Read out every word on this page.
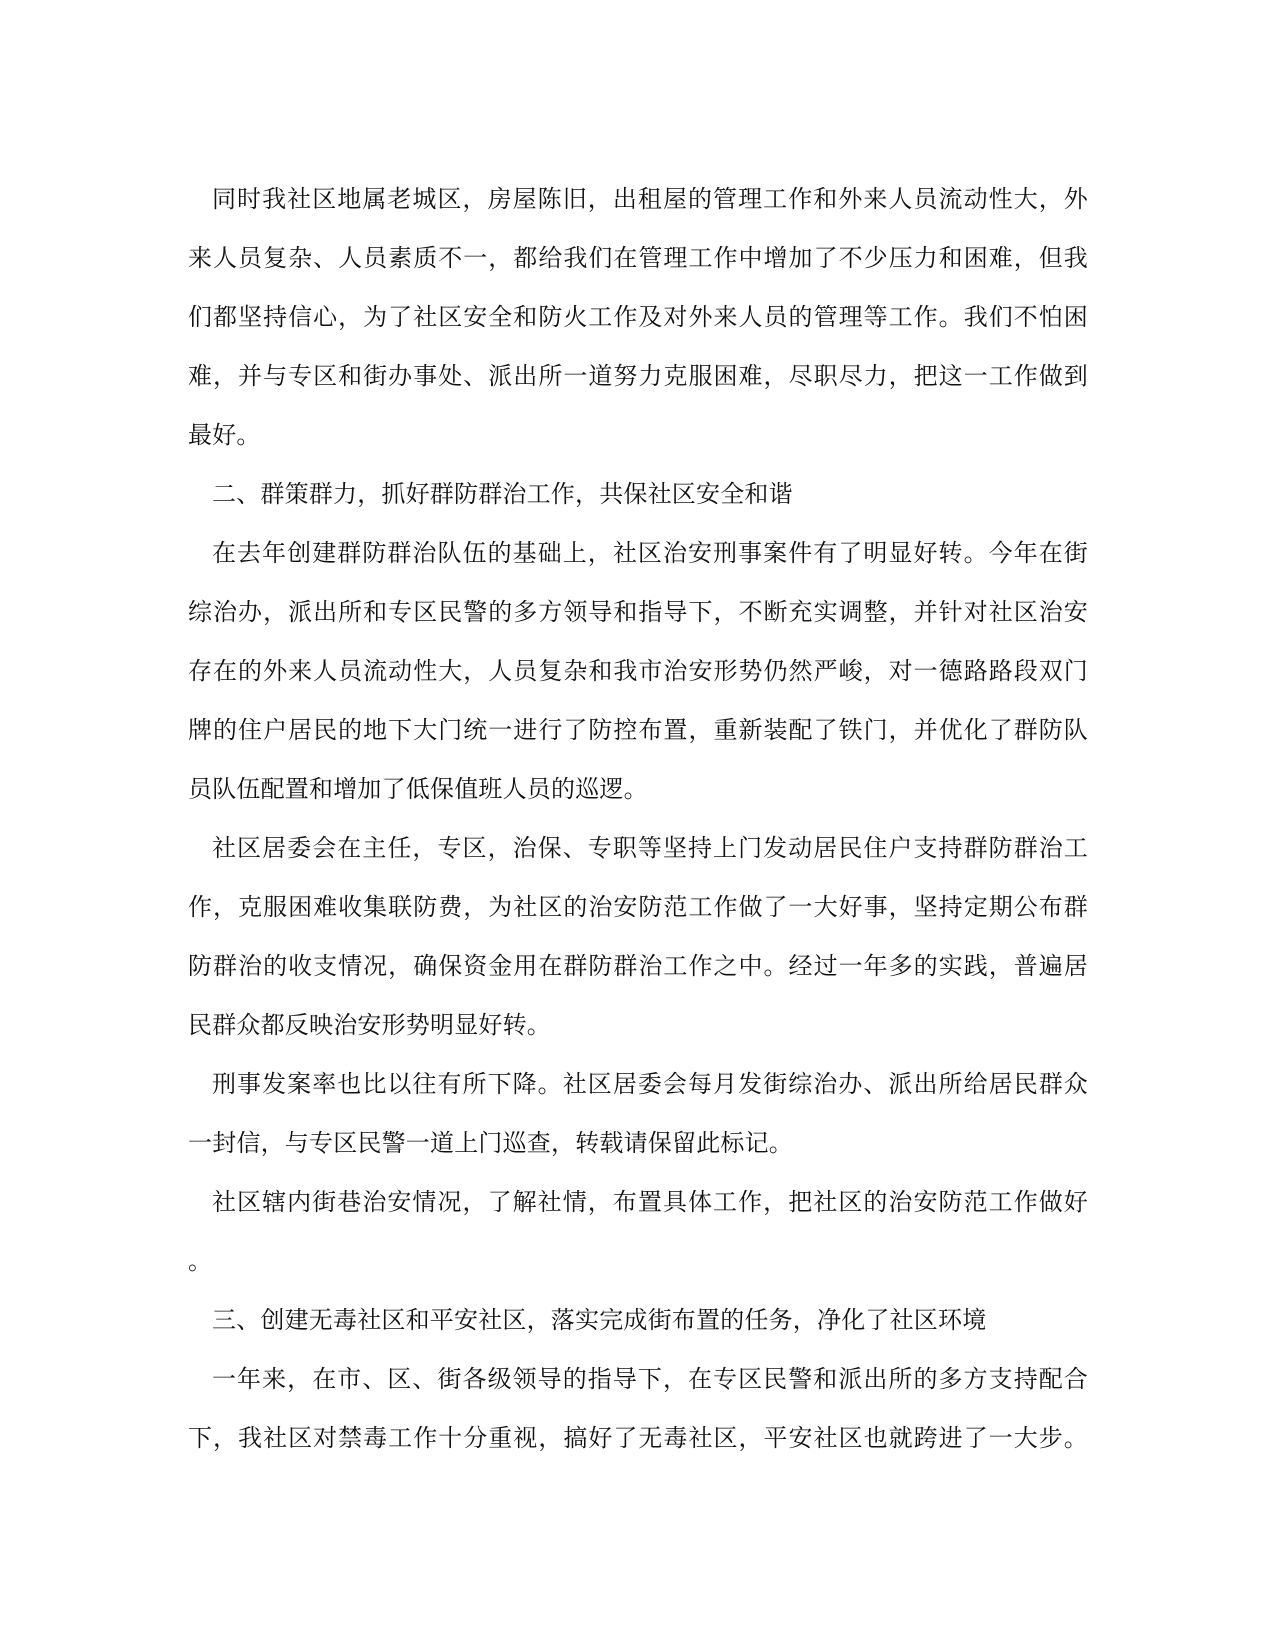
同时我社区地属老城区，房屋陈旧，出租屋的管理工作和外来人员流动性大，外
来人员复杂、人员素质不一，都给我们在管理工作中增加了不少压力和困难，但我
们都坚持信心，为了社区安全和防火工作及对外来人员的管理等工作。我们不怕困
难，并与专区和街办事处、派出所一道努力克服困难，尽职尽力，把这一工作做到
最好。

二、群策群力，抓好群防群治工作，共保社区安全和谐

在去年创建群防群治队伍的基础上，社区治安刑事案件有了明显好转。今年在街
综治办，派出所和专区民警的多方领导和指导下，不断充实调整，并针对社区治安
存在的外来人员流动性大，人员复杂和我市治安形势仍然严峻，对一德路路段双门
牌的住户居民的地下大门统一进行了防控布置，重新装配了铁门，并优化了群防队
员队伍配置和增加了低保值班人员的巡逻。

社区居委会在主任，专区，治保、专职等坚持上门发动居民住户支持群防群治工
作，克服困难收集联防费，为社区的治安防范工作做了一大好事，坚持定期公布群
防群治的收支情况，确保资金用在群防群治工作之中。经过一年多的实践，普遍居
民群众都反映治安形势明显好转。

刑事发案率也比以往有所下降。社区居委会每月发街综治办、派出所给居民群众
一封信，与专区民警一道上门巡查，转载请保留此标记。

社区辖内街巷治安情况，了解社情，布置具体工作，把社区的治安防范工作做好
。

三、创建无毒社区和平安社区，落实完成街布置的任务，净化了社区环境

一年来，在市、区、街各级领导的指导下，在专区民警和派出所的多方支持配合
下，我社区对禁毒工作十分重视，搞好了无毒社区，平安社区也就跨进了一大步。
